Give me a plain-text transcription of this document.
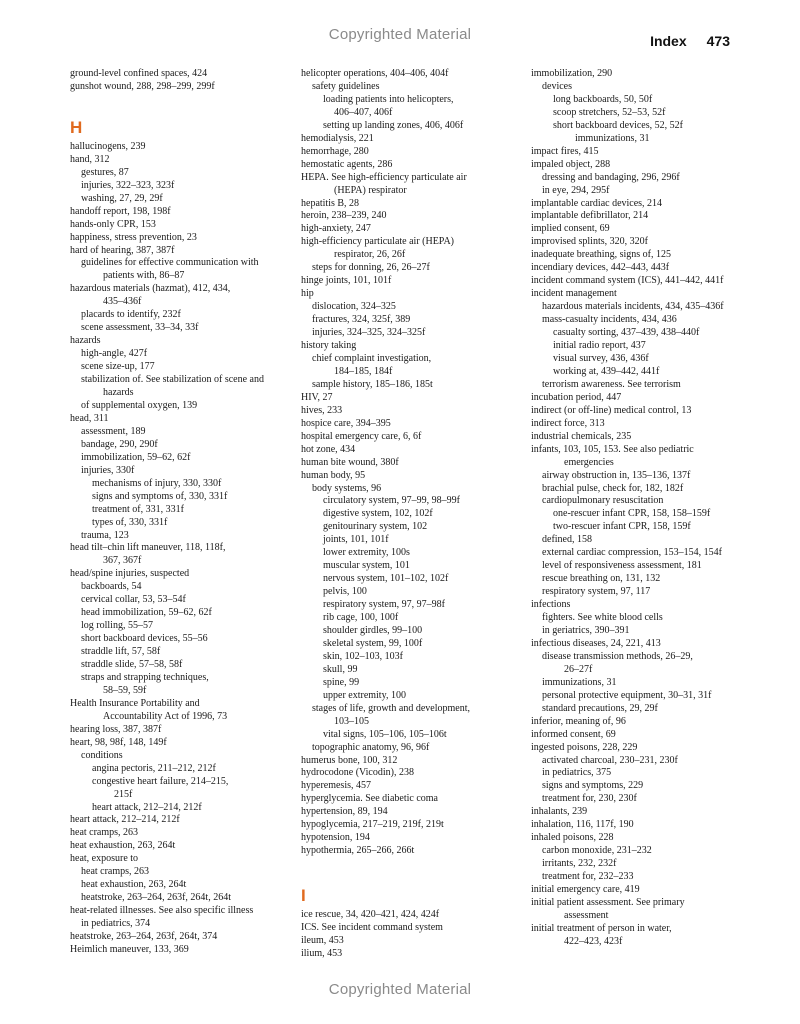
Copyrighted Material	Index 473
ground-level confined spaces, 424
gunshot wound, 288, 298–299, 299f
H
hallucinogens, 239
hand, 312
gestures, 87
injuries, 322–323, 323f
washing, 27, 29, 29f
handoff report, 198, 198f
hands-only CPR, 153
happiness, stress prevention, 23
hard of hearing, 387, 387f
guidelines for effective communication with
patients with, 86–87
hazardous materials (hazmat), 412, 434,
435–436f
placards to identify, 232f
scene assessment, 33–34, 33f
hazards
high-angle, 427f
scene size-up, 177
stabilization of. See stabilization of scene and
hazards
of supplemental oxygen, 139
head, 311
assessment, 189
bandage, 290, 290f
immobilization, 59–62, 62f
injuries, 330f
mechanisms of injury, 330, 330f
signs and symptoms of, 330, 331f
treatment of, 331, 331f
types of, 330, 331f
trauma, 123
head tilt–chin lift maneuver, 118, 118f,
367, 367f
head/spine injuries, suspected
backboards, 54
cervical collar, 53, 53–54f
head immobilization, 59–62, 62f
log rolling, 55–57
short backboard devices, 55–56
straddle lift, 57, 58f
straddle slide, 57–58, 58f
straps and strapping techniques,
58–59, 59f
Health Insurance Portability and
Accountability Act of 1996, 73
hearing loss, 387, 387f
heart, 98, 98f, 148, 149f
conditions
angina pectoris, 211–212, 212f
congestive heart failure, 214–215,
215f
heart attack, 212–214, 212f
heart attack, 212–214, 212f
heat cramps, 263
heat exhaustion, 263, 264t
heat, exposure to
heat cramps, 263
heat exhaustion, 263, 264t
heatstroke, 263–264, 263f, 264t, 264t
heat-related illnesses. See also specific illness
in pediatrics, 374
heatstroke, 263–264, 263f, 264t, 374
Heimlich maneuver, 133, 369
helicopter operations, 404–406, 404f
safety guidelines
loading patients into helicopters,
406–407, 406f
setting up landing zones, 406, 406f
hemodialysis, 221
hemorrhage, 280
hemostatic agents, 286
HEPA. See high-efficiency particulate air
(HEPA) respirator
hepatitis B, 28
heroin, 238–239, 240
high-anxiety, 247
high-efficiency particulate air (HEPA)
respirator, 26, 26f
steps for donning, 26, 26–27f
hinge joints, 101, 101f
hip
dislocation, 324–325
fractures, 324, 325f, 389
injuries, 324–325, 324–325f
history taking
chief complaint investigation,
184–185, 184f
sample history, 185–186, 185t
HIV, 27
hives, 233
hospice care, 394–395
hospital emergency care, 6, 6f
hot zone, 434
human bite wound, 380f
human body, 95
body systems, 96
circulatory system, 97–99, 98–99f
digestive system, 102, 102f
genitourinary system, 102
joints, 101, 101f
lower extremity, 100s
muscular system, 101
nervous system, 101–102, 102f
pelvis, 100
respiratory system, 97, 97–98f
rib cage, 100, 100f
shoulder girdles, 99–100
skeletal system, 99, 100f
skin, 102–103, 103f
skull, 99
spine, 99
upper extremity, 100
stages of life, growth and development,
103–105
vital signs, 105–106, 105–106t
topographic anatomy, 96, 96f
humerus bone, 100, 312
hydrocodone (Vicodin), 238
hyperemesis, 457
hyperglycemia. See diabetic coma
hypertension, 89, 194
hypoglycemia, 217–219, 219f, 219t
hypotension, 194
hypothermia, 265–266, 266t
I
ice rescue, 34, 420–421, 424, 424f
ICS. See incident command system
ileum, 453
ilium, 453
immobilization, 290
devices
long backboards, 50, 50f
scoop stretchers, 52–53, 52f
short backboard devices, 52, 52f
immunizations, 31
impact fires, 415
impaled object, 288
dressing and bandaging, 296, 296f
in eye, 294, 295f
implantable cardiac devices, 214
implantable defibrillator, 214
implied consent, 69
improvised splints, 320, 320f
inadequate breathing, signs of, 125
incendiary devices, 442–443, 443f
incident command system (ICS), 441–442, 441f
incident management
hazardous materials incidents, 434, 435–436f
mass-casualty incidents, 434, 436
casualty sorting, 437–439, 438–440f
initial radio report, 437
visual survey, 436, 436f
working at, 439–442, 441f
terrorism awareness. See terrorism
incubation period, 447
indirect (or off-line) medical control, 13
indirect force, 313
industrial chemicals, 235
infants, 103, 105, 153. See also pediatric
emergencies
airway obstruction in, 135–136, 137f
brachial pulse, check for, 182, 182f
cardiopulmonary resuscitation
one-rescuer infant CPR, 158, 158–159f
two-rescuer infant CPR, 158, 159f
defined, 158
external cardiac compression, 153–154, 154f
level of responsiveness assessment, 181
rescue breathing on, 131, 132
respiratory system, 97, 117
infections
fighters. See white blood cells
in geriatrics, 390–391
infectious diseases, 24, 221, 413
disease transmission methods, 26–29,
26–27f
immunizations, 31
personal protective equipment, 30–31, 31f
standard precautions, 29, 29f
inferior, meaning of, 96
informed consent, 69
ingested poisons, 228, 229
activated charcoal, 230–231, 230f
in pediatrics, 375
signs and symptoms, 229
treatment for, 230, 230f
inhalants, 239
inhalation, 116, 117f, 190
inhaled poisons, 228
carbon monoxide, 231–232
irritants, 232, 232f
treatment for, 232–233
initial emergency care, 419
initial patient assessment. See primary
assessment
initial treatment of person in water,
422–423, 423f
Copyrighted Material
